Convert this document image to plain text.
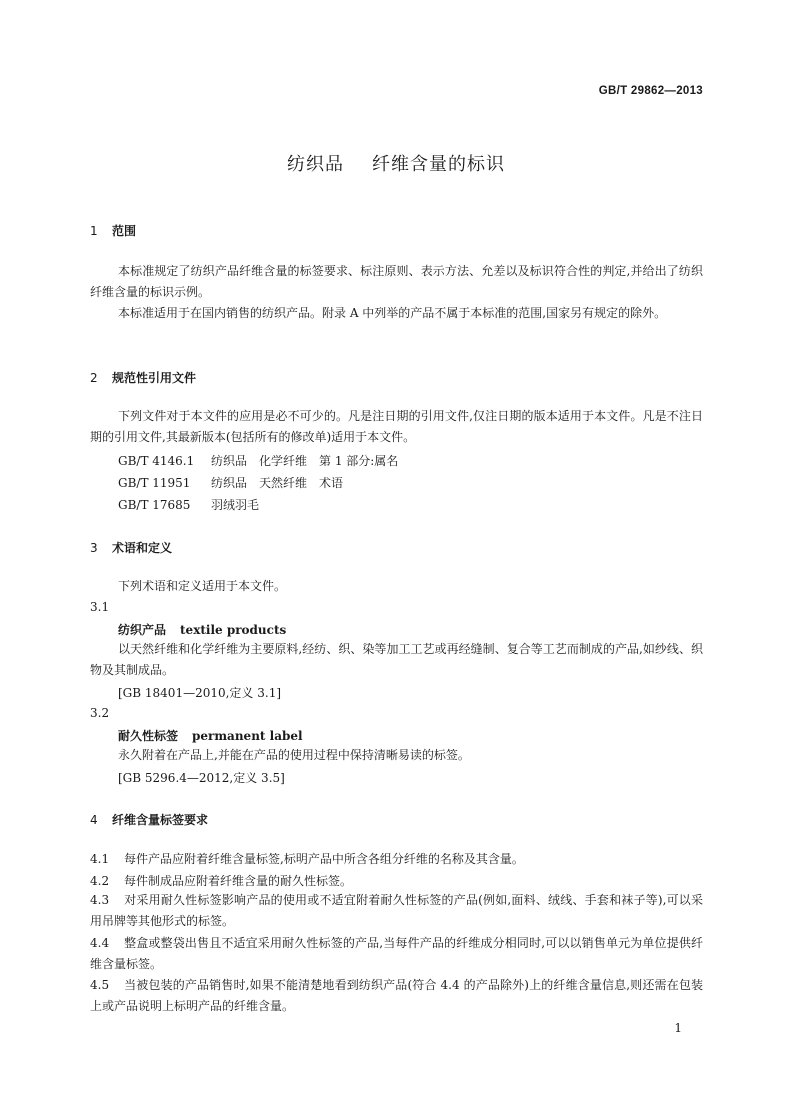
GB/T 29862—2013
纺织品 纤维含量的标识
1 范围
本标准规定了纺织产品纤维含量的标签要求、标注原则、表示方法、允差以及标识符合性的判定,并给出了纺织纤维含量的标识示例。
本标准适用于在国内销售的纺织产品。附录 A 中列举的产品不属于本标准的范围,国家另有规定的除外。
2 规范性引用文件
下列文件对于本文件的应用是必不可少的。凡是注日期的引用文件,仅注日期的版本适用于本文件。凡是不注日期的引用文件,其最新版本(包括所有的修改单)适用于本文件。
GB/T 4146.1 纺织品　化学纤维　第 1 部分:属名
GB/T 11951 纺织品　天然纤维　术语
GB/T 17685 羽绒羽毛
3 术语和定义
下列术语和定义适用于本文件。
3.1
纺织产品 textile products
以天然纤维和化学纤维为主要原料,经纺、织、染等加工工艺或再经缝制、复合等工艺而制成的产品,如纱线、织物及其制成品。
[GB 18401—2010,定义 3.1]
3.2
耐久性标签 permanent label
永久附着在产品上,并能在产品的使用过程中保持清晰易读的标签。
[GB 5296.4—2012,定义 3.5]
4 纤维含量标签要求
4.1 每件产品应附着纤维含量标签,标明产品中所含各组分纤维的名称及其含量。
4.2 每件制成品应附着纤维含量的耐久性标签。
4.3 对采用耐久性标签影响产品的使用或不适宜附着耐久性标签的产品(例如,面料、绒线、手套和袜子等),可以采用吊牌等其他形式的标签。
4.4 整盒或整袋出售且不适宜采用耐久性标签的产品,当每件产品的纤维成分相同时,可以以销售单元为单位提供纤维含量标签。
4.5 当被包装的产品销售时,如果不能清楚地看到纺织产品(符合 4.4 的产品除外)上的纤维含量信息,则还需在包装上或产品说明上标明产品的纤维含量。
1
